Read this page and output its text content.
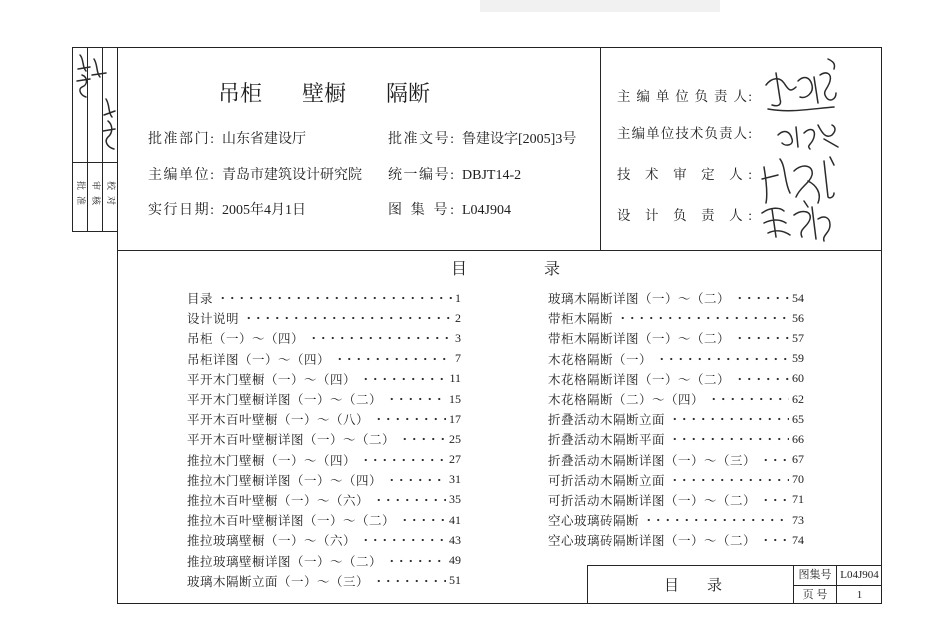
批准 审核 校对
吊柜 壁橱 隔断
批准部门: 山东省建设厅	批准文号: 鲁建设字[2005]3号
主编单位: 青岛市建筑设计研究院 统一编号: DBJT14-2
实行日期: 2005年4月1日	图 集 号: L04J904
主 编 单 位 负 责 人:
主编单位技术负责人:
技 术 审 定 人:
设 计 负 责 人:
目录
目录	1
设计说明	2
吊柜（一）～（四）	3
吊柜详图（一）～（四）	7
平开木门壁橱（一）～（四）	11
平开木门壁橱详图（一）～（二）	15
平开木百叶壁橱（一）～（八）	17
平开木百叶壁橱详图（一）～（二）	25
推拉木门壁橱（一）～（四）	27
推拉木门壁橱详图（一）～（四）	31
推拉木百叶壁橱（一）～（六）	35
推拉木百叶壁橱详图（一）～（二）	41
推拉玻璃壁橱（一）～（六）	43
推拉玻璃壁橱详图（一）～（二）	49
玻璃木隔断立面（一）～（三）	51
玻璃木隔断详图（一）～（二）	54
带柜木隔断	56
带柜木隔断详图（一）～（二）	57
木花格隔断（一）	59
木花格隔断详图（一）～（二）	60
木花格隔断（二）～（四）	62
折叠活动木隔断立面	65
折叠活动木隔断平面	66
折叠活动木隔断详图（一）～（三）	67
可折活动木隔断立面	70
可折活动木隔断详图（一）～（二）	71
空心玻璃砖隔断	73
空心玻璃砖隔断详图（一）～（二）	74
目录
图集号 L04J904
页 号	1
